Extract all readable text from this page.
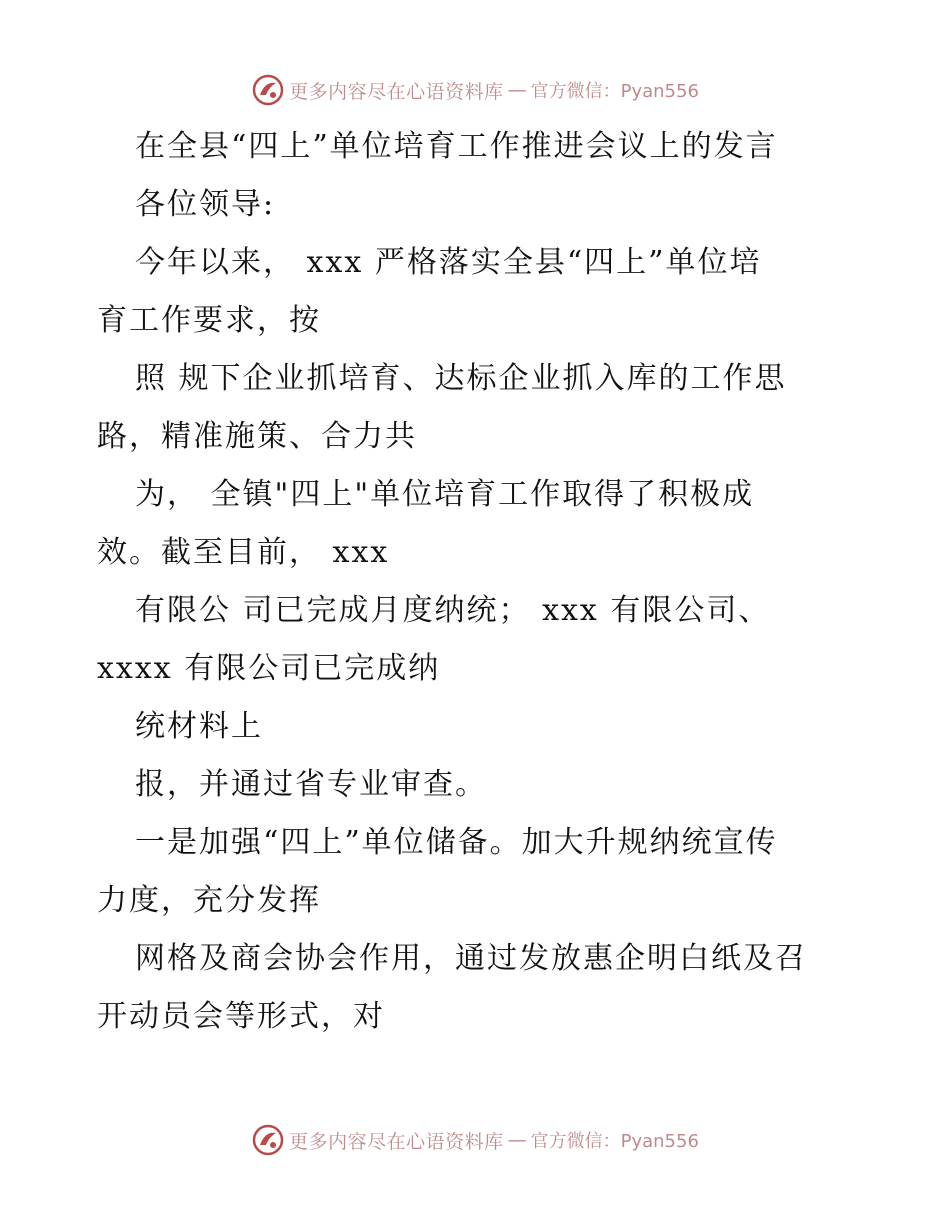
更多内容尽在心语资料库 — 官方微信：Pyan556
在全县“四上”单位培育工作推进会议上的发言
各位领导:
今年以来， xxx 严格落实全县“四上”单位培
育工作要求，按
照 规下企业抓培育、达标企业抓入库的工作思
路，精准施策、合力共
为， 全镇"四上"单位培育工作取得了积极成
效。截至目前， xxx
有限公 司已完成月度纳统； xxx 有限公司、
xxxx 有限公司已完成纳
统材料上
报，并通过省专业审查。
一是加强“四上”单位储备。加大升规纳统宣传
力度，充分发挥
网格及商会协会作用，通过发放惠企明白纸及召
开动员会等形式，对
更多内容尽在心语资料库 — 官方微信：Pyan556
